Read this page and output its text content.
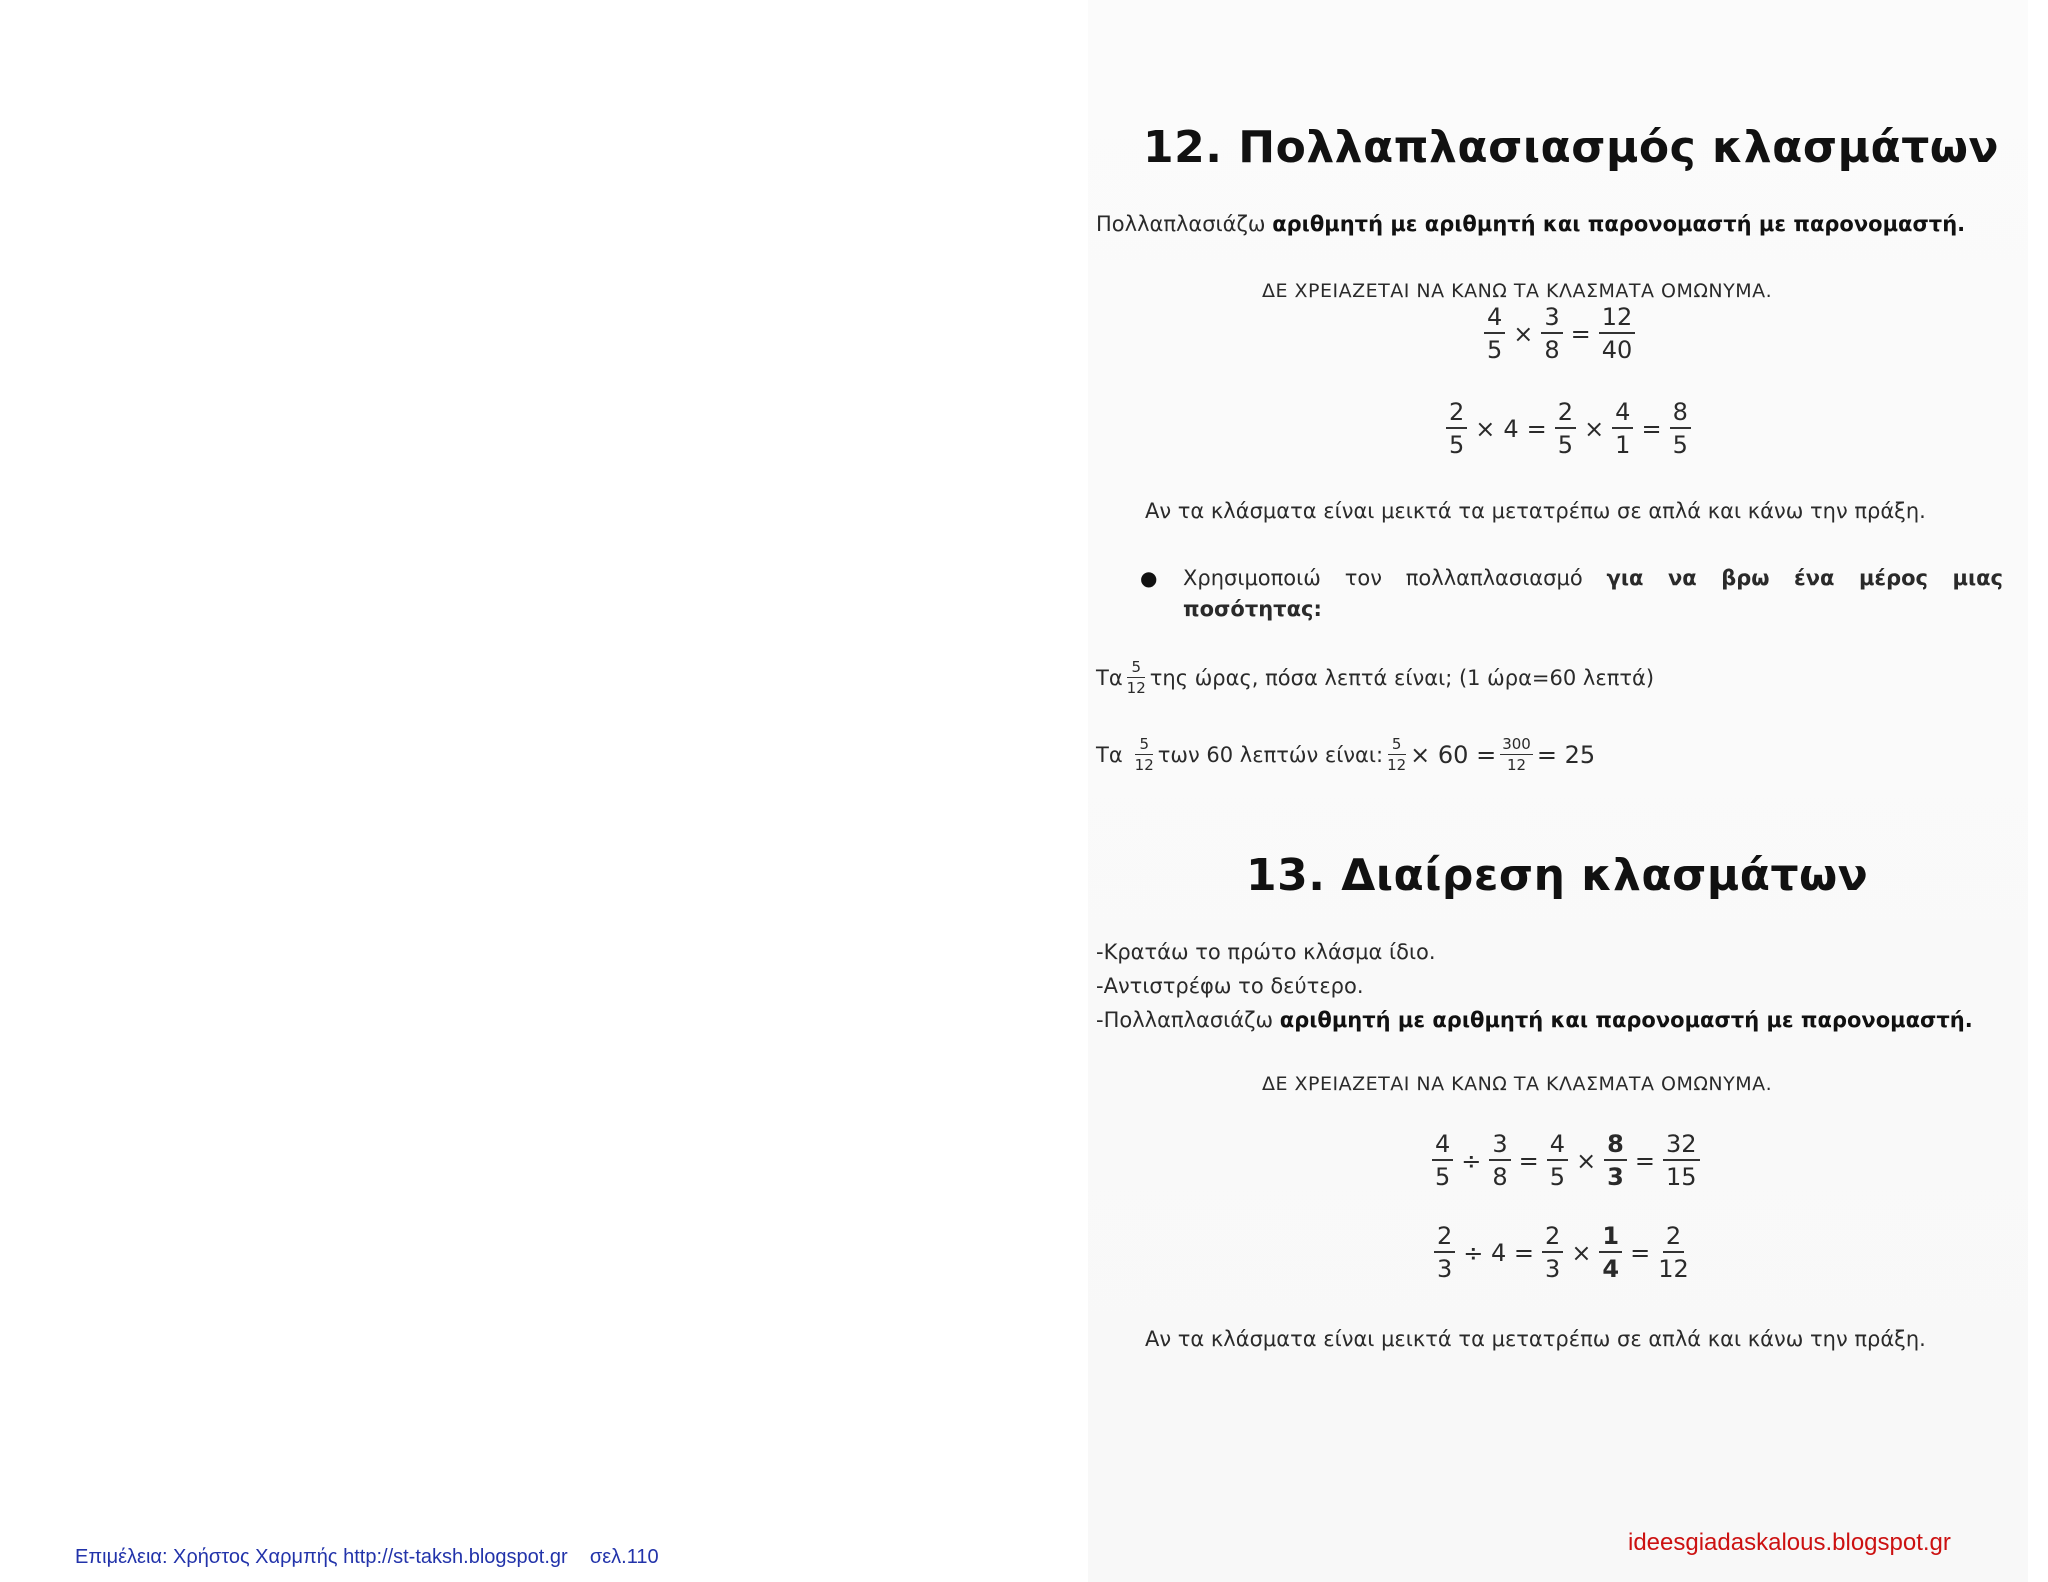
12. Πολλαπλασιασμός κλασμάτων
Πολλαπλασιάζω αριθμητή με αριθμητή και παρονομαστή με παρονομαστή.
ΔΕ ΧΡΕΙΑΖΕΤΑΙ ΝΑ ΚΑΝΩ ΤΑ ΚΛΑΣΜΑΤΑ ΟΜΩΝΥΜΑ.
$\frac{4}{5} \times \frac{3}{8} = \frac{12}{40}$
$\frac{2}{5} \times 4 = \frac{2}{5} \times \frac{4}{1} = \frac{8}{5}$
Αν τα κλάσματα είναι μεικτά τα μετατρέπω σε απλά και κάνω την πράξη.
● Χρησιμοποιώ τον πολλαπλασιασμό για να βρω ένα μέρος μιας ποσότητας:
Τα $\frac{5}{12}$ της ώρας, πόσα λεπτά είναι; (1 ώρα=60 λεπτά)
Τα $\frac{5}{12}$ των 60 λεπτών είναι: $\frac{5}{12} \times 60 = \frac{300}{12} = 25$
13. Διαίρεση κλασμάτων
-Κρατάω το πρώτο κλάσμα ίδιο.
-Αντιστρέφω το δεύτερο.
-Πολλαπλασιάζω αριθμητή με αριθμητή και παρονομαστή με παρονομαστή.
ΔΕ ΧΡΕΙΑΖΕΤΑΙ ΝΑ ΚΑΝΩ ΤΑ ΚΛΑΣΜΑΤΑ ΟΜΩΝΥΜΑ.
$\frac{4}{5} \div \frac{3}{8} = \frac{4}{5} \times \frac{8}{3} = \frac{32}{15}$
$\frac{2}{3} \div 4 = \frac{2}{3} \times \frac{1}{4} = \frac{2}{12}$
Αν τα κλάσματα είναι μεικτά τα μετατρέπω σε απλά και κάνω την πράξη.
Επιμέλεια: Χρήστος Χαρμπής http://st-taksh.blogspot.gr    σελ.110
ideesgiadaskalous.blogspot.gr
